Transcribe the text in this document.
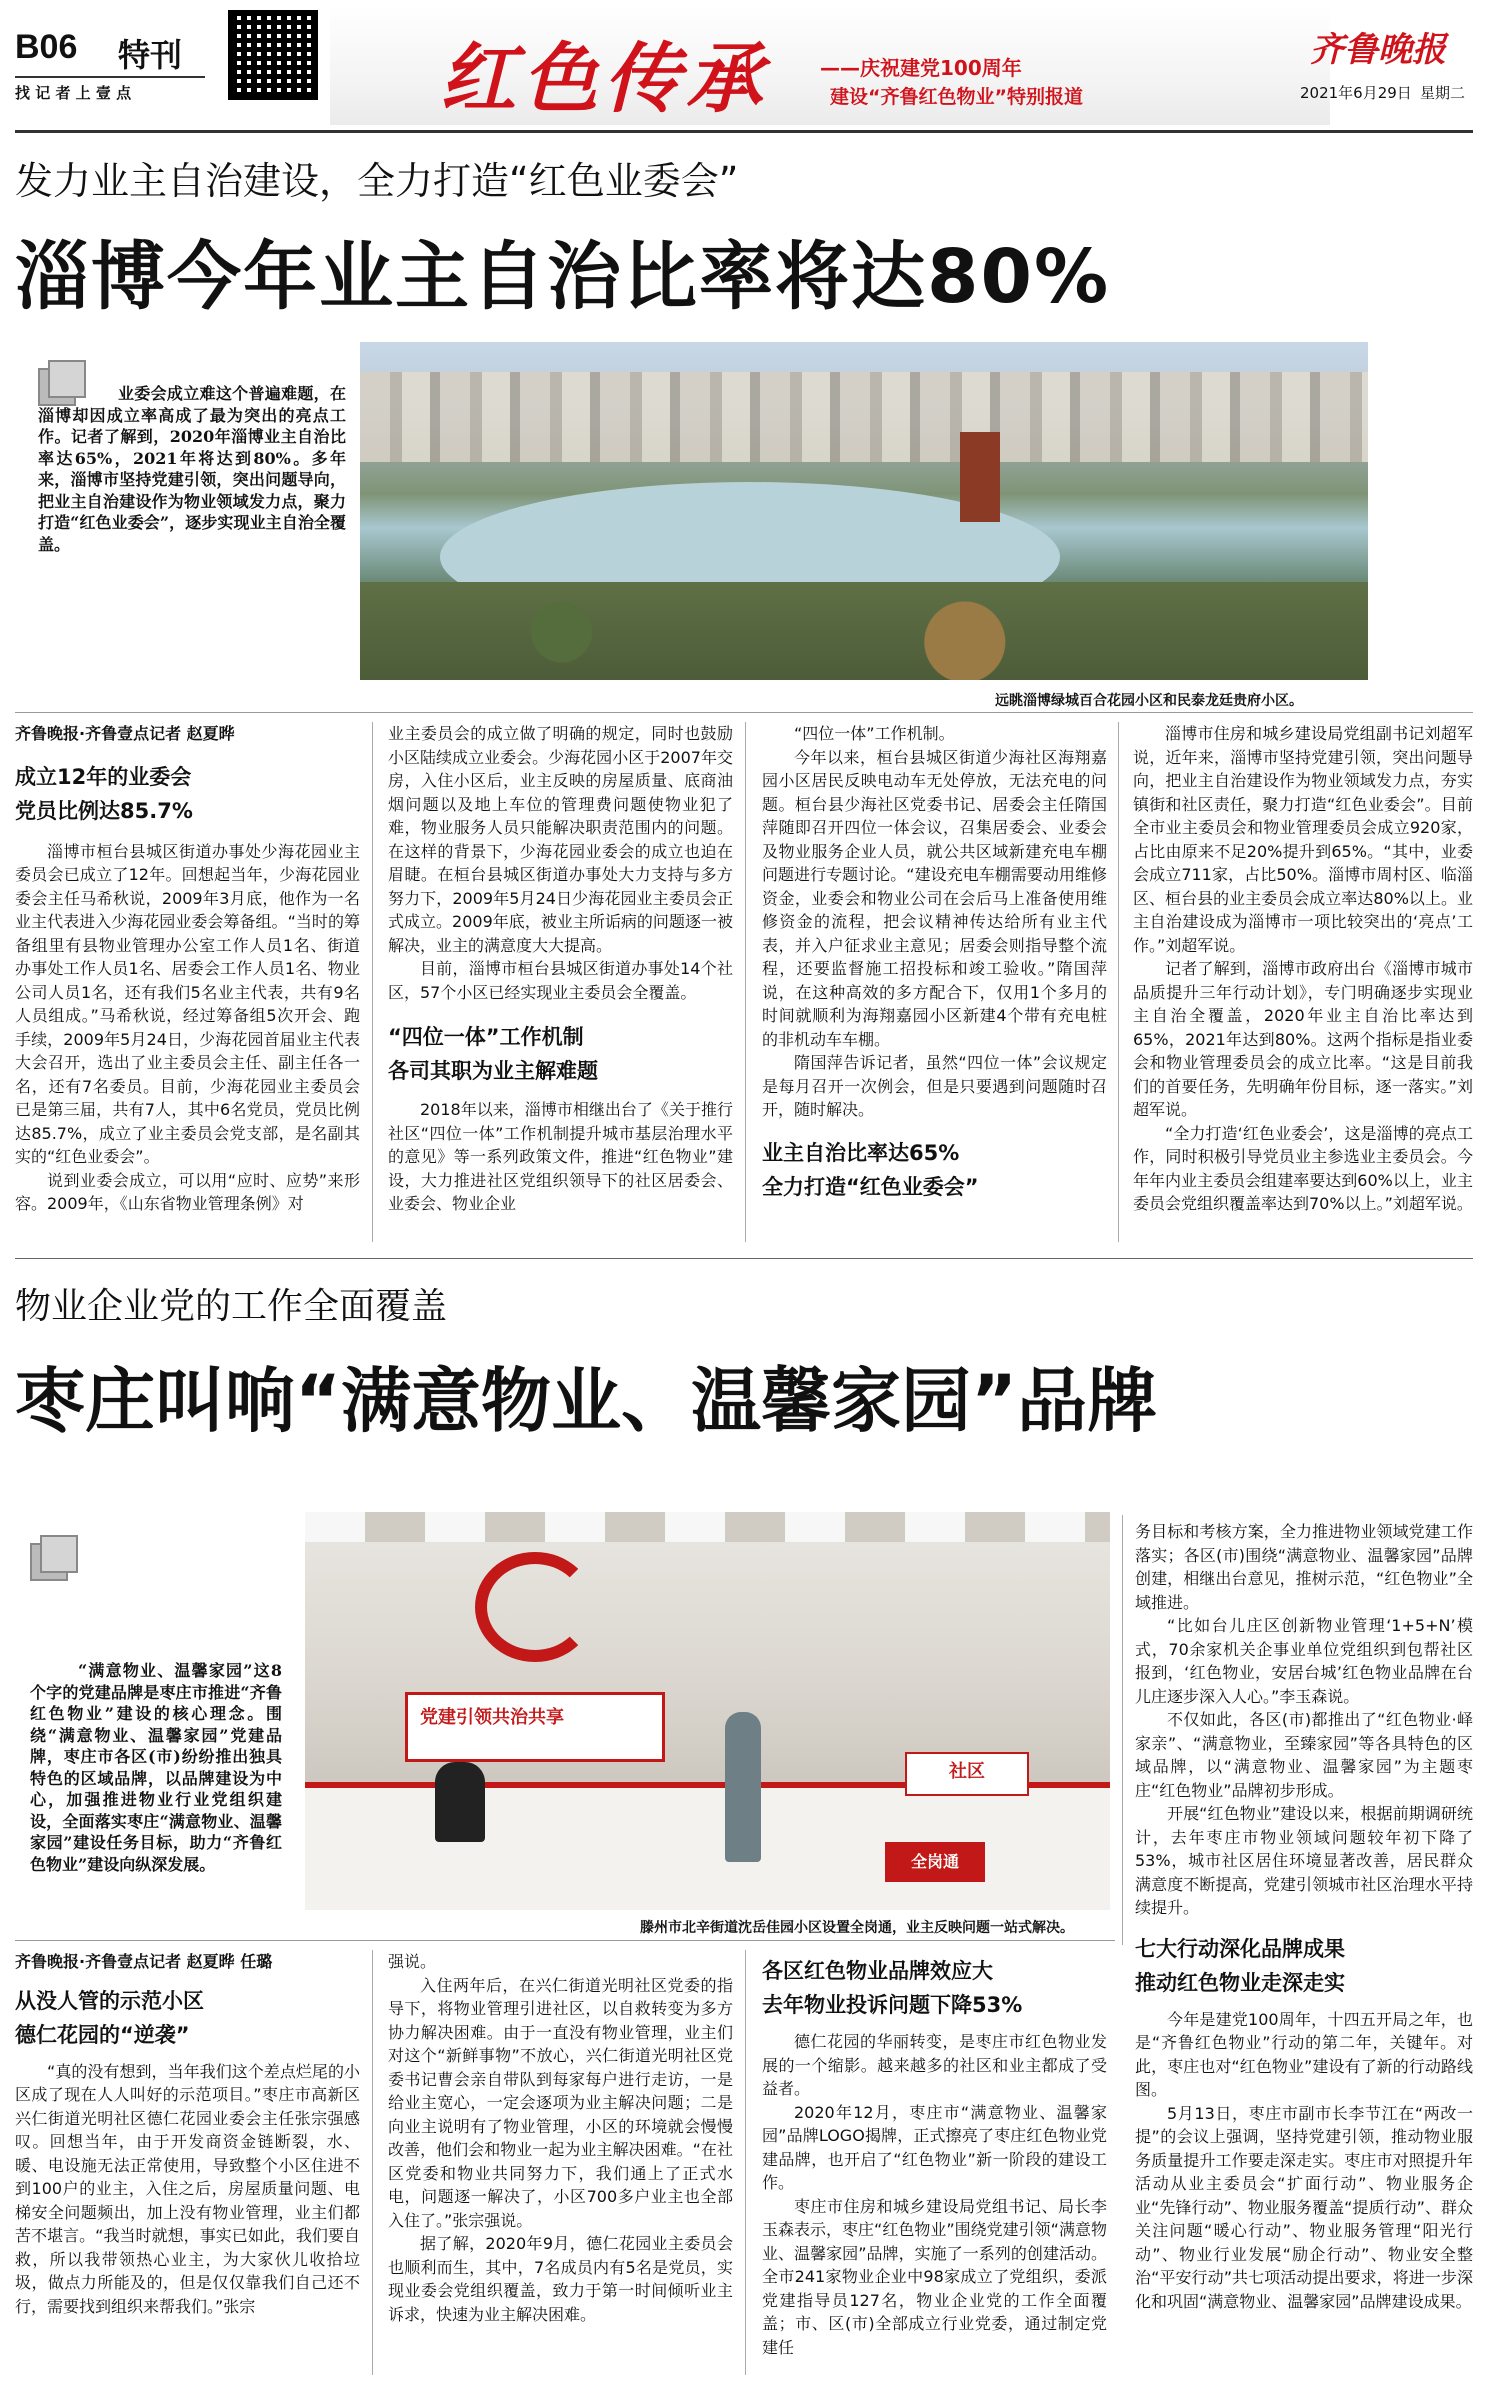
B06 特刊
找 记 者 上 壹 点	红色传承	——庆祝建党100周年
建设“齐鲁红色物业”特别报道
齐鲁晚报
2021年6月29日 星期二
发力业主自治建设，全力打造“红色业委会”
淄博今年业主自治比率将达80%

业委会成立难这个普遍难题，在淄博却因成立率高成了最为突出的亮点工作。记者了解到，2020年淄博业主自治比率达65%，2021年将达到80%。多年来，淄博市坚持党建引领，突出问题导向，把业主自治建设作为物业领域发力点，聚力打造“红色业委会”，逐步实现业主自治全覆盖。

远眺淄博绿城百合花园小区和民泰龙廷贵府小区。
齐鲁晚报·齐鲁壹点记者 赵夏晔
成立12年的业委会
党员比例达85.7%

淄博市桓台县城区街道办事处少海花园业主委员会已成立了12年。回想起当年，少海花园业委会主任马希秋说，2009年3月底，他作为一名业主代表进入少海花园业委会筹备组。“当时的筹备组里有县物业管理办公室工作人员1名、街道办事处工作人员1名、居委会工作人员1名、物业公司人员1名，还有我们5名业主代表，共有9名人员组成。”马希秋说，经过筹备组5次开会、跑手续，2009年5月24日，少海花园首届业主代表大会召开，选出了业主委员会主任、副主任各一名，还有7名委员。目前，少海花园业主委员会已是第三届，共有7人，其中6名党员，党员比例达85.7%，成立了业主委员会党支部，是名副其实的“红色业委会”。

说到业委会成立，可以用“应时、应势”来形容。2009年，《山东省物业管理条例》对

业主委员会的成立做了明确的规定，同时也鼓励小区陆续成立业委会。少海花园小区于2007年交房，入住小区后，业主反映的房屋质量、底商油烟问题以及地上车位的管理费问题使物业犯了难，物业服务人员只能解决职责范围内的问题。在这样的背景下，少海花园业委会的成立也迫在眉睫。在桓台县城区街道办事处大力支持与多方努力下，2009年5月24日少海花园业主委员会正式成立。2009年底，被业主所诟病的问题逐一被解决，业主的满意度大大提高。

目前，淄博市桓台县城区街道办事处14个社区，57个小区已经实现业主委员会全覆盖。

“四位一体”工作机制
各司其职为业主解难题

2018年以来，淄博市相继出台了《关于推行社区“四位一体”工作机制提升城市基层治理水平的意见》等一系列政策文件，推进“红色物业”建设，大力推进社区党组织领导下的社区居委会、业委会、物业企业

“四位一体”工作机制。

今年以来，桓台县城区街道少海社区海翔嘉园小区居民反映电动车无处停放，无法充电的问题。桓台县少海社区党委书记、居委会主任隋国萍随即召开四位一体会议，召集居委会、业委会及物业服务企业人员，就公共区域新建充电车棚问题进行专题讨论。“建设充电车棚需要动用维修资金，业委会和物业公司在会后马上准备使用维修资金的流程，把会议精神传达给所有业主代表，并入户征求业主意见；居委会则指导整个流程，还要监督施工招投标和竣工验收。”隋国萍说，在这种高效的多方配合下，仅用1个多月的时间就顺利为海翔嘉园小区新建4个带有充电桩的非机动车车棚。

隋国萍告诉记者，虽然“四位一体”会议规定是每月召开一次例会，但是只要遇到问题随时召开，随时解决。

业主自治比率达65%
全力打造“红色业委会”

淄博市住房和城乡建设局党组副书记刘超军说，近年来，淄博市坚持党建引领，突出问题导向，把业主自治建设作为物业领域发力点，夯实镇街和社区责任，聚力打造“红色业委会”。目前全市业主委员会和物业管理委员会成立920家，占比由原来不足20%提升到65%。“其中，业委会成立711家，占比50%。淄博市周村区、临淄区、桓台县的业主委员会成立率达80%以上。业主自治建设成为淄博市一项比较突出的‘亮点’工作。”刘超军说。

记者了解到，淄博市政府出台《淄博市城市品质提升三年行动计划》，专门明确逐步实现业主自治全覆盖，2020年业主自治比率达到65%，2021年达到80%。这两个指标是指业委会和物业管理委员会的成立比率。“这是目前我们的首要任务，先明确年份目标，逐一落实。”刘超军说。

“全力打造‘红色业委会’，这是淄博的亮点工作，同时积极引导党员业主参选业主委员会。今年年内业主委员会组建率要达到60%以上，业主委员会党组织覆盖率达到70%以上。”刘超军说。

物业企业党的工作全面覆盖
枣庄叫响“满意物业、温馨家园”品牌

“满意物业、温馨家园”这8个字的党建品牌是枣庄市推进“齐鲁红色物业”建设的核心理念。围绕“满意物业、温馨家园”党建品牌，枣庄市各区(市)纷纷推出独具特色的区域品牌，以品牌建设为中心，加强推进物业行业党组织建设，全面落实枣庄“满意物业、温馨家园”建设任务目标，助力“齐鲁红色物业”建设向纵深发展。

党建引领共治共享
社区
全岗通
滕州市北辛街道沈岳佳园小区设置全岗通，业主反映问题一站式解决。

务目标和考核方案，全力推进物业领域党建工作落实；各区(市)围绕“满意物业、温馨家园”品牌创建，相继出台意见，推树示范，“红色物业”全域推进。

“比如台儿庄区创新物业管理‘1+5+N’模式，70余家机关企事业单位党组织到包帮社区报到，‘红色物业，安居台城’红色物业品牌在台儿庄逐步深入人心。”李玉森说。

不仅如此，各区(市)都推出了“红色物业·峄家亲”、“满意物业，至臻家园”等各具特色的区域品牌，以“满意物业、温馨家园”为主题枣庄“红色物业”品牌初步形成。

开展“红色物业”建设以来，根据前期调研统计，去年枣庄市物业领域问题较年初下降了53%，城市社区居住环境显著改善，居民群众满意度不断提高，党建引领城市社区治理水平持续提升。

七大行动深化品牌成果
推动红色物业走深走实

今年是建党100周年，十四五开局之年，也是“齐鲁红色物业”行动的第二年，关键年。对此，枣庄也对“红色物业”建设有了新的行动路线图。

5月13日，枣庄市副市长李节江在“两改一提”的会议上强调，坚持党建引领，推动物业服务质量提升工作要走深走实。枣庄市对照提升年活动从业主委员会“扩面行动”、物业服务企业“先锋行动”、物业服务覆盖“提质行动”、群众关注问题“暖心行动”、物业服务管理“阳光行动”、物业行业发展“励企行动”、物业安全整治“平安行动”共七项活动提出要求，将进一步深化和巩固“满意物业、温馨家园”品牌建设成果。

齐鲁晚报·齐鲁壹点记者 赵夏晔 任璐
从没人管的示范小区
德仁花园的“逆袭”

“真的没有想到，当年我们这个差点烂尾的小区成了现在人人叫好的示范项目。”枣庄市高新区兴仁街道光明社区德仁花园业委会主任张宗强感叹。回想当年，由于开发商资金链断裂，水、暖、电设施无法正常使用，导致整个小区住进不到100户的业主，入住之后，房屋质量问题、电梯安全问题频出，加上没有物业管理，业主们都苦不堪言。“我当时就想，事实已如此，我们要自救，所以我带领热心业主，为大家伙儿收拾垃圾，做点力所能及的，但是仅仅靠我们自己还不行，需要找到组织来帮我们。”张宗

强说。

入住两年后，在兴仁街道光明社区党委的指导下，将物业管理引进社区，以自救转变为多方协力解决困难。由于一直没有物业管理，业主们对这个“新鲜事物”不放心，兴仁街道光明社区党委书记曹会亲自带队到每家每户进行走访，一是给业主宽心，一定会逐项为业主解决问题；二是向业主说明有了物业管理，小区的环境就会慢慢改善，他们会和物业一起为业主解决困难。“在社区党委和物业共同努力下，我们通上了正式水电，问题逐一解决了，小区700多户业主也全部入住了。”张宗强说。

据了解，2020年9月，德仁花园业主委员会也顺利而生，其中，7名成员内有5名是党员，实现业委会党组织覆盖，致力于第一时间倾听业主诉求，快速为业主解决困难。

各区红色物业品牌效应大
去年物业投诉问题下降53%

德仁花园的华丽转变，是枣庄市红色物业发展的一个缩影。越来越多的社区和业主都成了受益者。

2020年12月，枣庄市“满意物业、温馨家园”品牌LOGO揭牌，正式擦亮了枣庄红色物业党建品牌，也开启了“红色物业”新一阶段的建设工作。

枣庄市住房和城乡建设局党组书记、局长李玉森表示，枣庄“红色物业”围绕党建引领“满意物业、温馨家园”品牌，实施了一系列的创建活动。全市241家物业企业中98家成立了党组织，委派党建指导员127名，物业企业党的工作全面覆盖；市、区(市)全部成立行业党委，通过制定党建任
